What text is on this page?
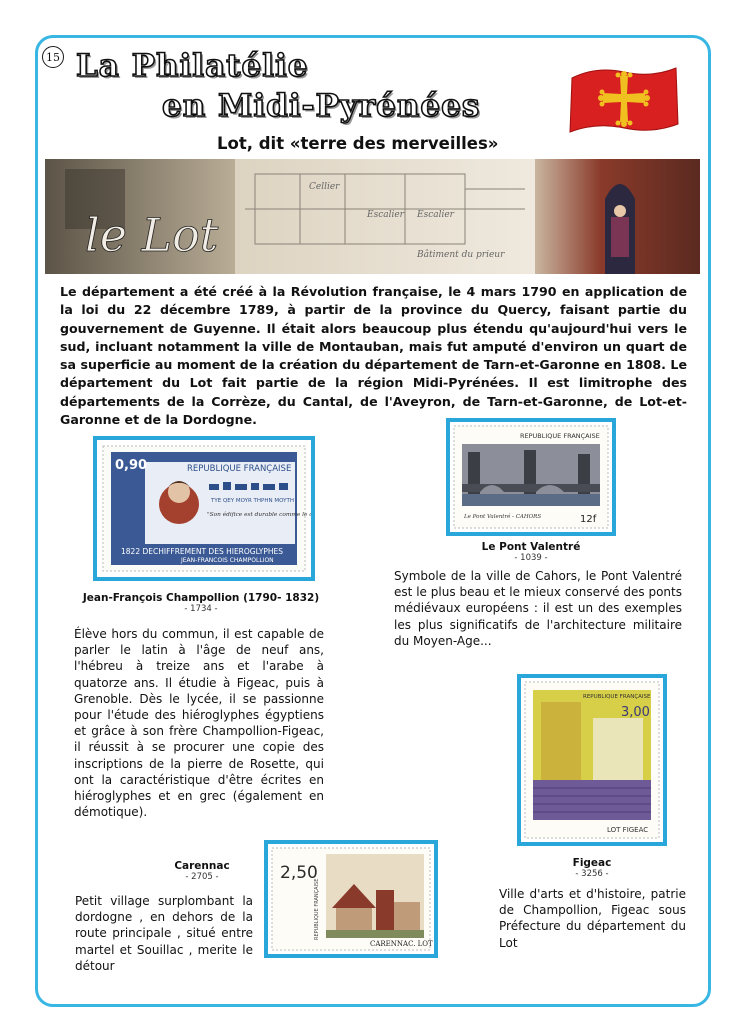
15 La Philatélie
en Midi-Pyrénées
Lot, dit «terre des merveilles»
Cellier
Escalier Escalier
Bâtiment du prieur
le Lot
Le département a été créé à la Révolution française, le 4 mars 1790 en application de la loi du 22 décembre 1789, à partir de la province du Quercy, faisant partie du gouvernement de Guyenne. Il était alors beaucoup plus étendu qu'aujourd'hui vers le sud, incluant notamment la ville de Montauban, mais fut amputé d'environ un quart de sa superficie au moment de la création du département de Tarn-et-Garonne en 1808. Le département du Lot fait partie de la région Midi-Pyrénées. Il est limitrophe des départements de la Corrèze, du Cantal, de l'Aveyron, de Tarn-et-Garonne, de Lot-et-Garonne et de la Dordogne.
0,90	REPUBLIQUE FRANÇAISE
TYE QEY MOYR THPHN MOYTH
"Son édifice est durable comme le ciel"
1822 DECHIFFREMENT DES HIEROGLYPHES
JEAN-FRANCOIS CHAMPOLLION
Jean-François Champollion (1790- 1832)
- 1734 -
Élève hors du commun, il est capable de parler le latin à l'âge de neuf ans, l'hébreu à treize ans et l'arabe à quatorze ans. Il étudie à Figeac, puis à Grenoble. Dès le lycée, il se passionne pour l'étude des hiéroglyphes égyptiens et grâce à son frère Champollion-Figeac, il réussit à se procurer une copie des inscriptions de la pierre de Rosette, qui ont la caractéristique d'être écrites en hiéroglyphes et en grec (également en démotique).
REPUBLIQUE FRANÇAISE
Le Pont Valentré - CAHORS	12f
Le Pont Valentré
- 1039 -
Symbole de la ville de Cahors, le Pont Valentré est le plus beau et le mieux conservé des ponts médiévaux européens : il est un des exemples les plus significatifs de l'architecture militaire du Moyen-Age...
REPUBLIQUE FRANÇAISE
3,00
LOT FIGEAC
Figeac
- 3256 -
Ville d'arts et d'histoire, patrie de Champollion, Figeac sous Préfecture du département du Lot
2,50
CARENNAC. LOT
REPUBLIQUE FRANÇAISE
Carennac
- 2705 -
Petit village surplombant la dordogne , en dehors de la route principale , situé entre martel et Souillac , merite le détour
